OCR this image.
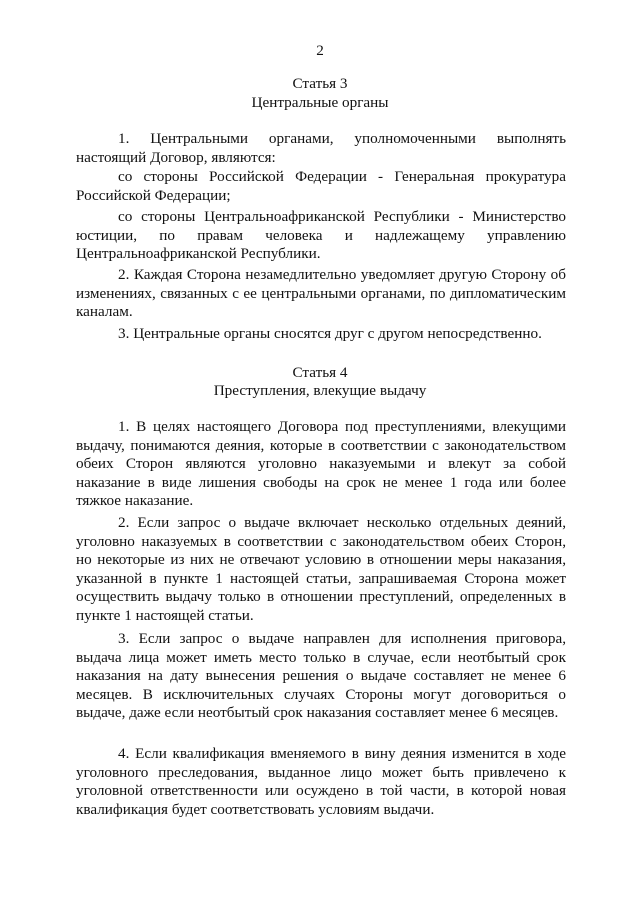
2
Статья 3
Центральные органы

1. Центральными органами, уполномоченными выполнять настоящий Договор, являются:

со стороны Российской Федерации - Генеральная прокуратура Российской Федерации;

со стороны Центральноафриканской Республики - Министерство юстиции, по правам человека и надлежащему управлению Центральноафриканской Республики.

2. Каждая Сторона незамедлительно уведомляет другую Сторону об изменениях, связанных с ее центральными органами, по дипломатическим каналам.

3. Центральные органы сносятся друг с другом непосредственно.

Статья 4
Преступления, влекущие выдачу

1. В целях настоящего Договора под преступлениями, влекущими выдачу, понимаются деяния, которые в соответствии с законодательством обеих Сторон являются уголовно наказуемыми и влекут за собой наказание в виде лишения свободы на срок не менее 1 года или более тяжкое наказание.

2. Если запрос о выдаче включает несколько отдельных деяний, уголовно наказуемых в соответствии с законодательством обеих Сторон, но некоторые из них не отвечают условию в отношении меры наказания, указанной в пункте 1 настоящей статьи, запрашиваемая Сторона может осуществить выдачу только в отношении преступлений, определенных в пункте 1 настоящей статьи.

3. Если запрос о выдаче направлен для исполнения приговора, выдача лица может иметь место только в случае, если неотбытый срок наказания на дату вынесения решения о выдаче составляет не менее 6 месяцев. В исключительных случаях Стороны могут договориться о выдаче, даже если неотбытый срок наказания составляет менее 6 месяцев.

4. Если квалификация вменяемого в вину деяния изменится в ходе уголовного преследования, выданное лицо может быть привлечено к уголовной ответственности или осуждено в той части, в которой новая квалификация будет соответствовать условиям выдачи.
